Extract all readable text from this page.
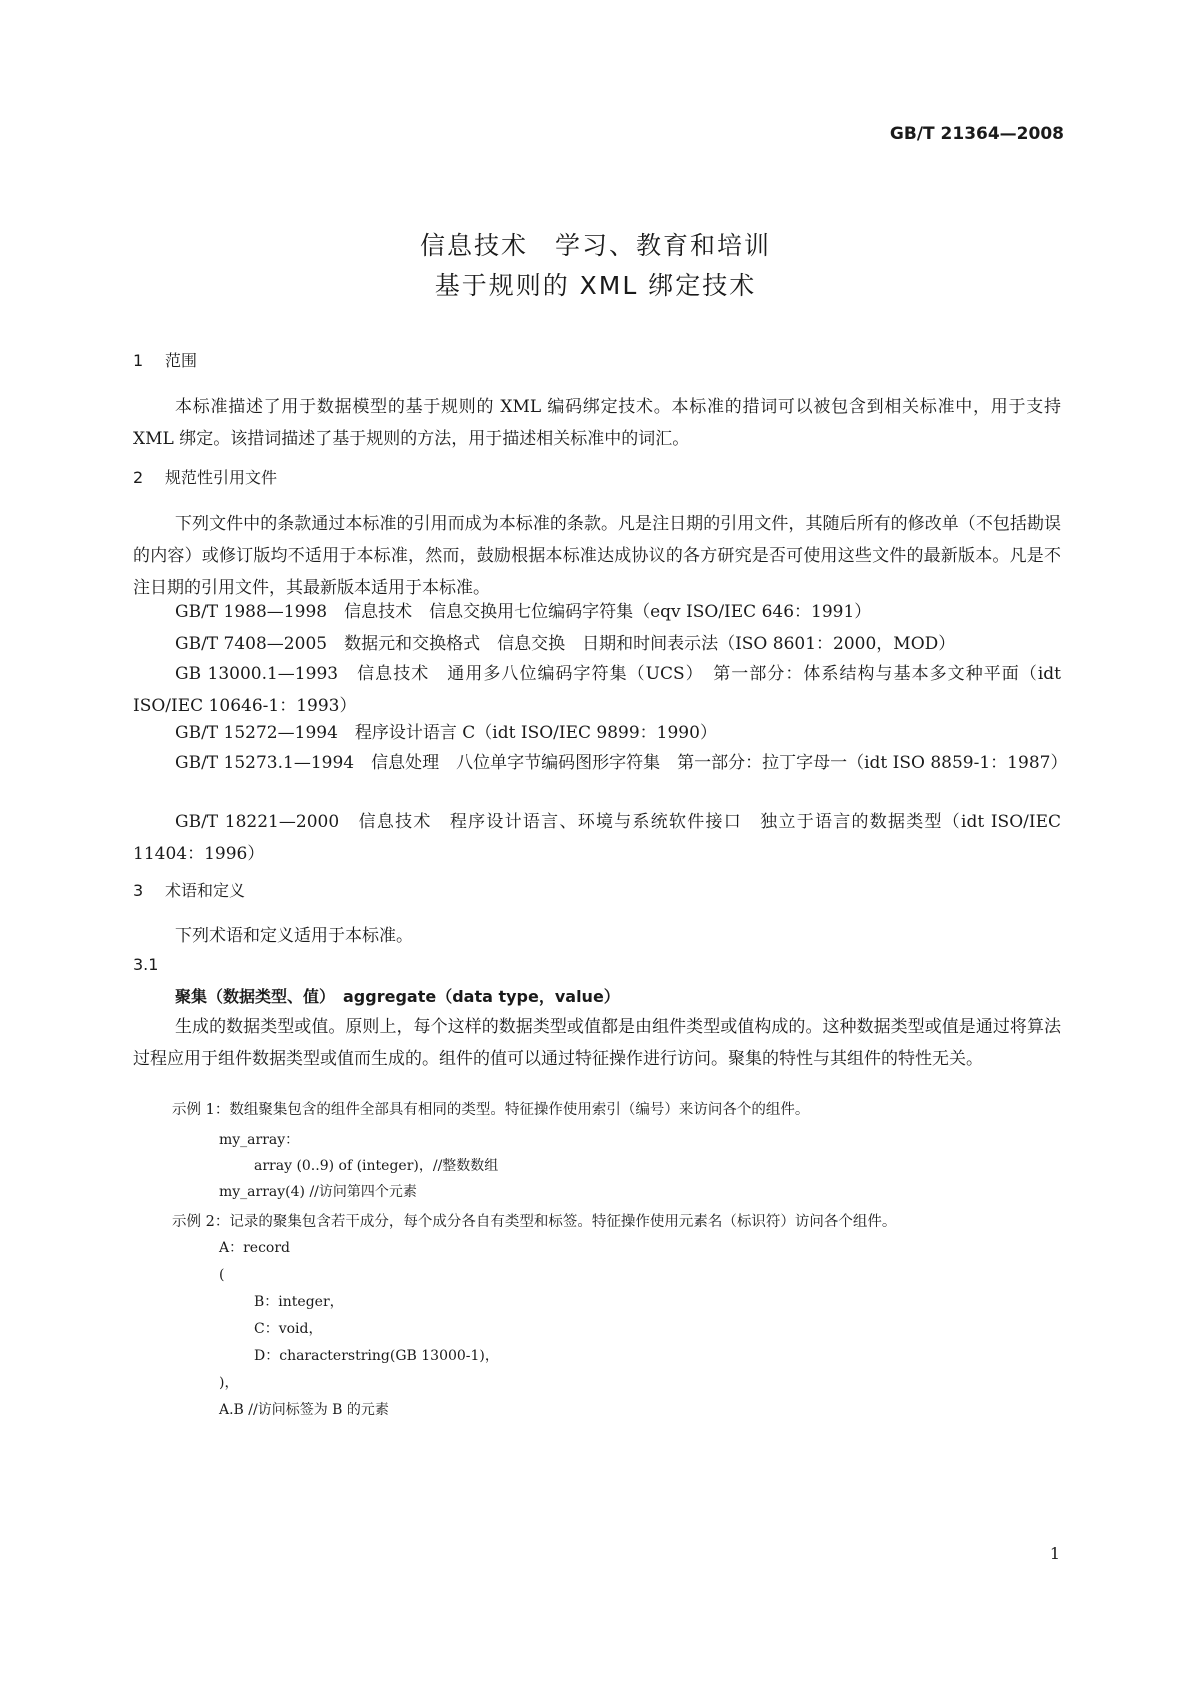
GB/T 21364—2008
信息技术　学习、教育和培训
基于规则的 XML 绑定技术
1 范围
本标准描述了用于数据模型的基于规则的 XML 编码绑定技术。本标准的措词可以被包含到相关标准中，用于支持 XML 绑定。该措词描述了基于规则的方法，用于描述相关标准中的词汇。
2 规范性引用文件
下列文件中的条款通过本标准的引用而成为本标准的条款。凡是注日期的引用文件，其随后所有的修改单（不包括勘误的内容）或修订版均不适用于本标准，然而，鼓励根据本标准达成协议的各方研究是否可使用这些文件的最新版本。凡是不注日期的引用文件，其最新版本适用于本标准。
GB/T 1988—1998　信息技术　信息交换用七位编码字符集（eqv ISO/IEC 646：1991）
GB/T 7408—2005　数据元和交换格式　信息交换　日期和时间表示法（ISO 8601：2000，MOD）
GB 13000.1—1993　信息技术　通用多八位编码字符集（UCS）　第一部分：体系结构与基本多文种平面（idt ISO/IEC 10646-1：1993）
GB/T 15272—1994　程序设计语言 C（idt ISO/IEC 9899：1990）
GB/T 15273.1—1994　信息处理　八位单字节编码图形字符集　第一部分：拉丁字母一（idt ISO 8859-1：1987）
GB/T 18221—2000　信息技术　程序设计语言、环境与系统软件接口　独立于语言的数据类型（idt ISO/IEC 11404：1996）
3 术语和定义
下列术语和定义适用于本标准。
3.1
聚集（数据类型、值）　aggregate（data type，value）
生成的数据类型或值。原则上，每个这样的数据类型或值都是由组件类型或值构成的。这种数据类型或值是通过将算法过程应用于组件数据类型或值而生成的。组件的值可以通过特征操作进行访问。聚集的特性与其组件的特性无关。
示例 1：数组聚集包含的组件全部具有相同的类型。特征操作使用索引（编号）来访问各个的组件。
my_array：
array (0..9) of (integer)，//整数数组
my_array(4) //访问第四个元素
示例 2：记录的聚集包含若干成分，每个成分各自有类型和标签。特征操作使用元素名（标识符）访问各个组件。
A：record
(
B：integer，
C：void，
D：characterstring(GB 13000-1)，
)，
A.B //访问标签为 B 的元素
1
